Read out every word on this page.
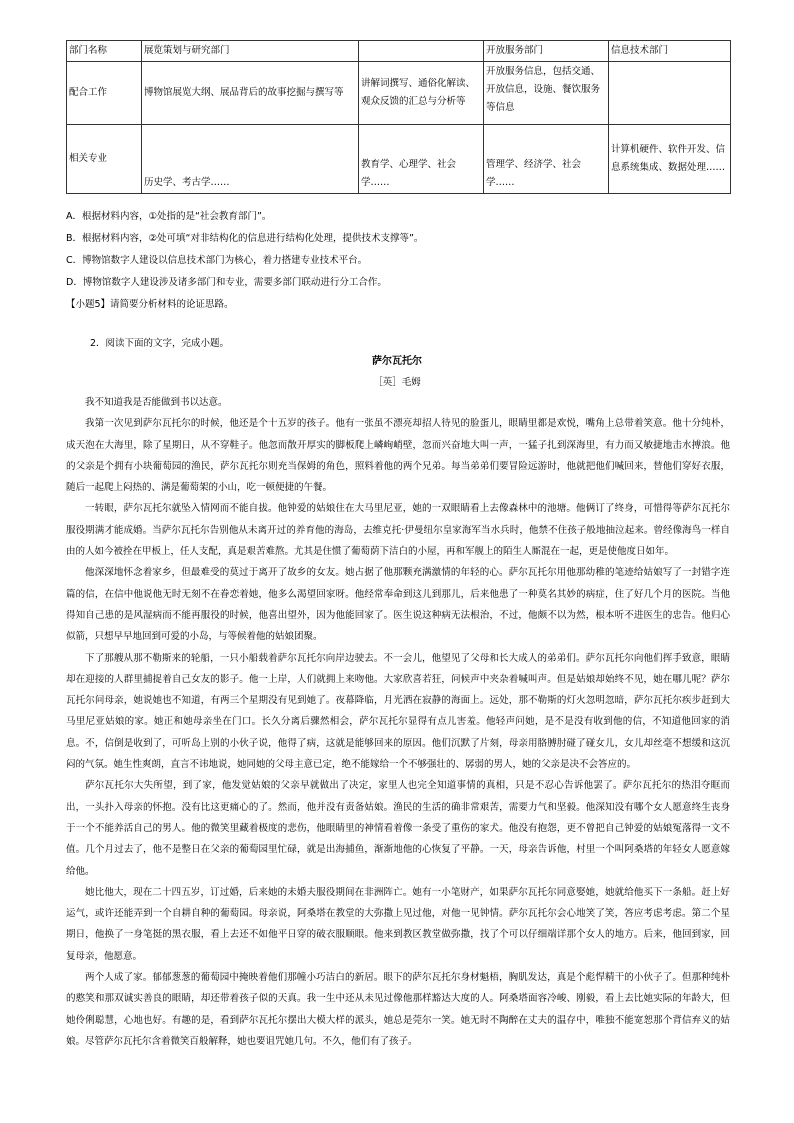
部门名称	展览策划与研究部门		开放服务部门	信息技术部门
配合工作	博物馆展览大纲、展品背后的故事挖掘与撰写等	讲解词撰写、通俗化解读、观众反馈的汇总与分析等	开放服务信息，包括交通、开放信息，设施、餐饮服务等信息	
相关专业	历史学、考古学……	教育学、心理学、社会学……	管理学、经济学、社会学……	计算机硬件、软件开发、信息系统集成、数据处理……
A．根据材料内容，①处指的是“社会教育部门”。
B．根据材料内容，②处可填“对非结构化的信息进行结构化处理，提供技术支撑等”。
C．博物馆数字人建设以信息技术部门为核心，着力搭建专业技术平台。
D．博物馆数字人建设涉及诸多部门和专业，需要多部门联动进行分工合作。
【小题5】请简要分析材料的论证思路。
2．阅读下面的文字，完成小题。
萨尔瓦托尔
［英］毛姆

我不知道我是否能做到书以达意。

我第一次见到萨尔瓦托尔的时候，他还是个十五岁的孩子。他有一张虽不漂亮却招人待见的脸蛋儿，眼睛里都是欢悦，嘴角上总带着笑意。他十分纯朴，成天泡在大海里，除了星期日，从不穿鞋子。他忽而散开厚实的脚板爬上嶙峋峭壁，忽而兴奋地大叫一声，一猛子扎到深海里，有力而又敏捷地击水搏浪。他的父亲是个拥有小块葡萄园的渔民，萨尔瓦托尔则充当保姆的角色，照料着他的两个兄弟。每当弟弟们要冒险远游时，他就把他们喊回来，替他们穿好衣服，随后一起爬上闷热的、满是葡萄架的小山，吃一顿便捷的午餐。

一转眼，萨尔瓦托尔就坠入情网而不能自拔。他钟爱的姑娘住在大马里尼亚，她的一双眼睛看上去像森林中的池塘。他俩订了终身，可惜得等萨尔瓦托尔服役期满才能成婚。当萨尔瓦托尔告别他从未离开过的养育他的海岛，去维克托·伊曼纽尔皇家海军当水兵时，他禁不住孩子般地抽泣起来。曾经像海鸟一样自由的人如今被拴在甲板上，任人支配，真是艰苦难熬。尤其是住惯了葡萄荫下洁白的小屋，再和军舰上的陌生人厮混在一起，更是使他度日如年。

他深深地怀念着家乡，但最难受的莫过于离开了故乡的女友。她占据了他那颗充满激情的年轻的心。萨尔瓦托尔用他那幼稚的笔迹给姑娘写了一封错字连篇的信，在信中他说他无时无刻不在眷恋着她，他多么渴望回家呀。他经常奉命到这儿到那儿，后来他患了一种莫名其妙的病症，住了好几个月的医院。当他得知自己患的是风湿病而不能再服役的时候，他喜出望外，因为他能回家了。医生说这种病无法根治，不过，他颇不以为然，根本听不进医生的忠告。他归心似箭，只想早早地回到可爱的小岛，与等候着他的姑娘团聚。

下了那艘从那不勒斯来的轮船，一只小船载着萨尔瓦托尔向岸边驶去。不一会儿，他望见了父母和长大成人的弟弟们。萨尔瓦托尔向他们挥手致意，眼睛却在迎接的人群里捕捉着自己女友的影子。他一上岸，人们就拥上来吻他。大家欣喜若狂，问候声中夹杂着喊叫声。但是姑娘却始终不见，她在哪儿呢？萨尔瓦托尔问母亲，她说她也不知道，有两三个星期没有见到她了。夜幕降临，月光洒在寂静的海面上。远处，那不勒斯的灯火忽明忽暗，萨尔瓦托尔疾步赶到大马里尼亚姑娘的家。她正和她母亲坐在门口。长久分离后骤然相会，萨尔瓦托尔显得有点儿害羞。他轻声问她，是不是没有收到他的信，不知道他回家的消息。不，信倒是收到了，可听岛上别的小伙子说，他得了病，这就是能够回来的原因。他们沉默了片刻，母亲用胳膊肘碰了碰女儿，女儿却丝毫不想缓和这沉闷的气氛。她生性爽朗，直言不讳地说，她同她的父母主意已定，绝不能嫁给一个不够强壮的、孱弱的男人，她的父亲是决不会答应的。

萨尔瓦托尔大失所望，到了家，他发觉姑娘的父亲早就做出了决定，家里人也完全知道事情的真相，只是不忍心告诉他罢了。萨尔瓦托尔的热泪夺眶而出，一头扑入母亲的怀抱。没有比这更痛心的了。然而，他并没有责备姑娘。渔民的生活的确非常艰苦，需要力气和坚毅。他深知没有哪个女人愿意终生丧身于一个不能养活自己的男人。他的微笑里藏着极度的悲伤，他眼睛里的神情看着像一条受了重伤的家犬。他没有抱怨，更不曾把自己钟爱的姑娘冤落得一文不值。几个月过去了，他不是整日在父亲的葡萄园里忙碌，就是出海捕鱼，渐渐地他的心恢复了平静。一天，母亲告诉他，村里一个叫阿桑塔的年轻女人愿意嫁给他。

她比他大，现在二十四五岁，订过婚，后来她的未婚夫服役期间在非洲阵亡。她有一小笔财产，如果萨尔瓦托尔同意娶她，她就给他买下一条船。赶上好运气，或许还能弄到一个自耕自种的葡萄园。母亲说，阿桑塔在教堂的大弥撒上见过他，对他一见钟情。萨尔瓦托尔会心地笑了笑，答应考虑考虑。第二个星期日，他换了一身笔挺的黑衣服，看上去还不如他平日穿的破衣服顺眼。他来到教区教堂做弥撒，找了个可以仔细端详那个女人的地方。后来，他回到家，回复母亲，他愿意。

两个人成了家。郁郁葱葱的葡萄园中掩映着他们那幢小巧洁白的新居。眼下的萨尔瓦托尔身材魁梧，胸肌发达，真是个彪悍精干的小伙子了。但那种纯朴的憨笑和那双诚实善良的眼睛，却还带着孩子似的天真。我一生中还从未见过像他那样豁达大度的人。阿桑塔面容冷峻、刚毅，看上去比她实际的年龄大，但她伶俐聪慧，心地也好。有趣的是，看到萨尔瓦托尔摆出大模大样的派头，她总是莞尔一笑。她无时不陶醉在丈夫的温存中，唯独不能宽恕那个背信弃义的姑娘。尽管萨尔瓦托尔含着微笑百般解释，她也要诅咒她几句。不久，他们有了孩子。
